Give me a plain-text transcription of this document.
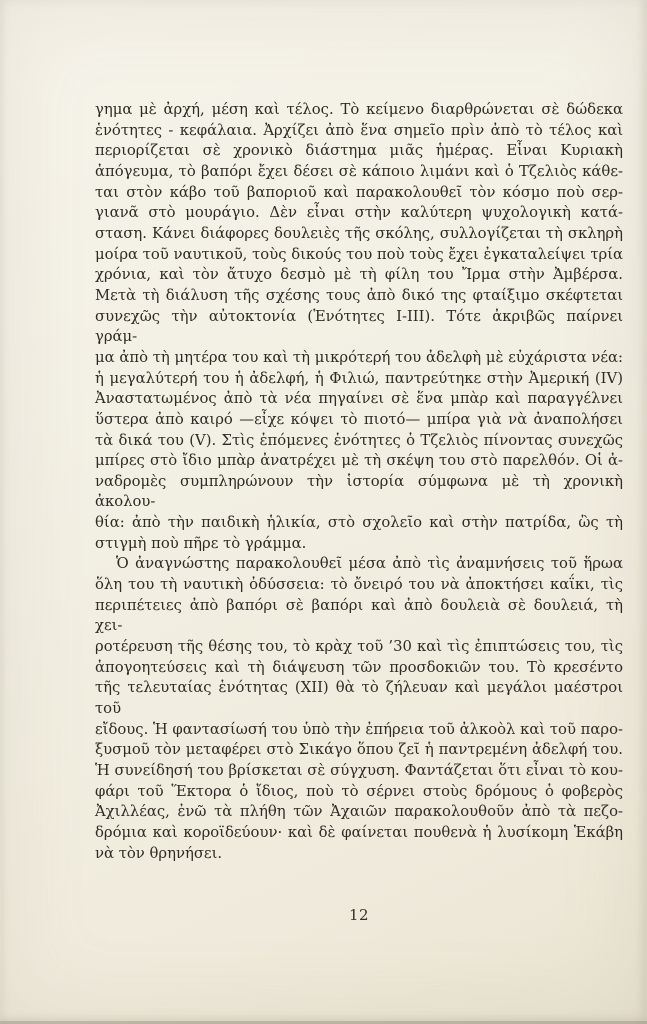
γημα μὲ ἀρχή, μέση καὶ τέλος. Τὸ κείμενο διαρθρώνεται σὲ δώδεκα
ἑνότητες - κεφάλαια. Ἀρχίζει ἀπὸ ἕνα σημεῖο πρὶν ἀπὸ τὸ τέλος καὶ
περιορίζεται σὲ χρονικὸ διάστημα μιᾶς ἡμέρας. Εἶναι Κυριακὴ
ἀπόγευμα, τὸ βαπόρι ἔχει δέσει σὲ κάποιο λιμάνι καὶ ὁ Τζελιὸς κάθε-
ται στὸν κάβο τοῦ βαποριοῦ καὶ παρακολουθεῖ τὸν κόσμο ποὺ σερ-
γιανᾶ στὸ μουράγιο. Δὲν εἶναι στὴν καλύτερη ψυχολογικὴ κατά-
σταση. Κάνει διάφορες δουλειὲς τῆς σκόλης, συλλογίζεται τὴ σκληρὴ
μοίρα τοῦ ναυτικοῦ, τοὺς δικούς του ποὺ τοὺς ἔχει ἐγκαταλείψει τρία
χρόνια, καὶ τὸν ἄτυχο δεσμὸ μὲ τὴ φίλη του Ἴρμα στὴν Ἀμβέρσα.
Μετὰ τὴ διάλυση τῆς σχέσης τους ἀπὸ δικό της φταίξιμο σκέφτεται
συνεχῶς τὴν αὐτοκτονία (Ἑνότητες I-III). Τότε ἀκριβῶς παίρνει γράμ-
μα ἀπὸ τὴ μητέρα του καὶ τὴ μικρότερή του ἀδελφὴ μὲ εὐχάριστα νέα:
ἡ μεγαλύτερή του ἡ ἀδελφή, ἡ Φιλιώ, παντρεύτηκε στὴν Ἀμερική (IV)
Ἀναστατωμένος ἀπὸ τὰ νέα πηγαίνει σὲ ἕνα μπὰρ καὶ παραγγέλνει
ὕστερα ἀπὸ καιρό —εἶχε κόψει τὸ πιοτό— μπίρα γιὰ νὰ ἀναπολήσει
τὰ δικά του (V). Στὶς ἑπόμενες ἑνότητες ὁ Τζελιὸς πίνοντας συνεχῶς
μπίρες στὸ ἴδιο μπὰρ ἀνατρέχει μὲ τὴ σκέψη του στὸ παρελθόν. Οἱ ἀ-
ναδρομὲς συμπληρώνουν τὴν ἱστορία σύμφωνα μὲ τὴ χρονικὴ ἀκολου-
θία: ἀπὸ τὴν παιδικὴ ἡλικία, στὸ σχολεῖο καὶ στὴν πατρίδα, ὣς τὴ
στιγμὴ ποὺ πῆρε τὸ γράμμα.
Ὁ ἀναγνώστης παρακολουθεῖ μέσα ἀπὸ τὶς ἀναμνήσεις τοῦ ἥρωα
ὅλη του τὴ ναυτικὴ ὀδύσσεια: τὸ ὄνειρό του νὰ ἀποκτήσει καΐκι, τὶς
περιπέτειες ἀπὸ βαπόρι σὲ βαπόρι καὶ ἀπὸ δουλειὰ σὲ δουλειά, τὴ χει-
ροτέρευση τῆς θέσης του, τὸ κρὰχ τοῦ ’30 καὶ τὶς ἐπιπτώσεις του, τὶς
ἀπογοητεύσεις καὶ τὴ διάψευση τῶν προσδοκιῶν του. Τὸ κρεσέντο
τῆς τελευταίας ἑνότητας (XII) θὰ τὸ ζήλευαν καὶ μεγάλοι μαέστροι τοῦ
εἴδους. Ἡ φαντασίωσή του ὑπὸ τὴν ἐπήρεια τοῦ ἀλκοὸλ καὶ τοῦ παρο-
ξυσμοῦ τὸν μεταφέρει στὸ Σικάγο ὅπου ζεῖ ἡ παντρεμένη ἀδελφή του.
Ἡ συνείδησή του βρίσκεται σὲ σύγχυση. Φαντάζεται ὅτι εἶναι τὸ κου-
φάρι τοῦ Ἕκτορα ὁ ἴδιος, ποὺ τὸ σέρνει στοὺς δρόμους ὁ φοβερὸς
Ἀχιλλέας, ἐνῶ τὰ πλήθη τῶν Ἀχαιῶν παρακολουθοῦν ἀπὸ τὰ πεζο-
δρόμια καὶ κοροϊδεύουν· καὶ δὲ φαίνεται πουθενὰ ἡ λυσίκομη Ἑκάβη
νὰ τὸν θρηνήσει.
12
